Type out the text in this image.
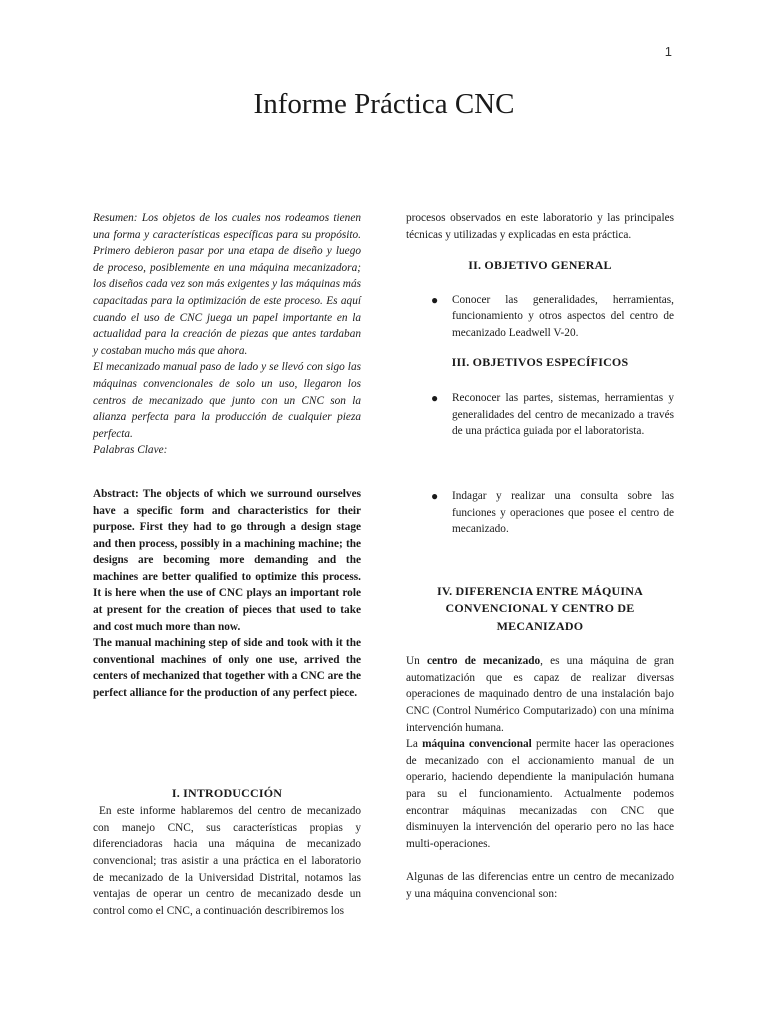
1
Informe Práctica CNC

Resumen: Los objetos de los cuales nos rodeamos tienen una forma y características específicas para su propósito. Primero debieron pasar por una etapa de diseño y luego de proceso, posiblemente en una máquina mecanizadora; los diseños cada vez son más exigentes y las máquinas más capacitadas para la optimización de este proceso. Es aquí cuando el uso de CNC juega un papel importante en la actualidad para la creación de piezas que antes tardaban y costaban mucho más que ahora.

El mecanizado manual paso de lado y se llevó con sigo las máquinas convencionales de solo un uso, llegaron los centros de mecanizado que junto con un CNC son la alianza perfecta para la producción de cualquier pieza perfecta.

Palabras Clave:

Abstract: The objects of which we surround ourselves have a specific form and characteristics for their purpose. First they had to go through a design stage and then process, possibly in a machining machine; the designs are becoming more demanding and the machines are better qualified to optimize this process. It is here when the use of CNC plays an important role at present for the creation of pieces that used to take and cost much more than now.

The manual machining step of side and took with it the conventional machines of only one use, arrived the centers of mechanized that together with a CNC are the perfect alliance for the production of any perfect piece.

I. INTRODUCCIÓN

En este informe hablaremos del centro de mecanizado con manejo CNC, sus características propias y diferenciadoras hacia una máquina de mecanizado convencional; tras asistir a una práctica en el laboratorio de mecanizado de la Universidad Distrital, notamos las ventajas de operar un centro de mecanizado desde un control como el CNC, a continuación describiremos los

procesos observados en este laboratorio y las principales técnicas y utilizadas y explicadas en esta práctica.

II. OBJETIVO GENERAL
● Conocer las generalidades, herramientas, funcionamiento y otros aspectos del centro de mecanizado Leadwell V-20.
III. OBJETIVOS ESPECÍFICOS
● Reconocer las partes, sistemas, herramientas y generalidades del centro de mecanizado a través de una práctica guiada por el laboratorista.
● Indagar y realizar una consulta sobre las funciones y operaciones que posee el centro de mecanizado.
IV. DIFERENCIA ENTRE MÁQUINA CONVENCIONAL Y CENTRO DE MECANIZADO

Un centro de mecanizado, es una máquina de gran automatización que es capaz de realizar diversas operaciones de maquinado dentro de una instalación bajo CNC (Control Numérico Computarizado) con una mínima intervención humana.

La máquina convencional permite hacer las operaciones de mecanizado con el accionamiento manual de un operario, haciendo dependiente la manipulación humana para su el funcionamiento. Actualmente podemos encontrar máquinas mecanizadas con CNC que disminuyen la intervención del operario pero no las hace multi-operaciones.

Algunas de las diferencias entre un centro de mecanizado y una máquina convencional son:
